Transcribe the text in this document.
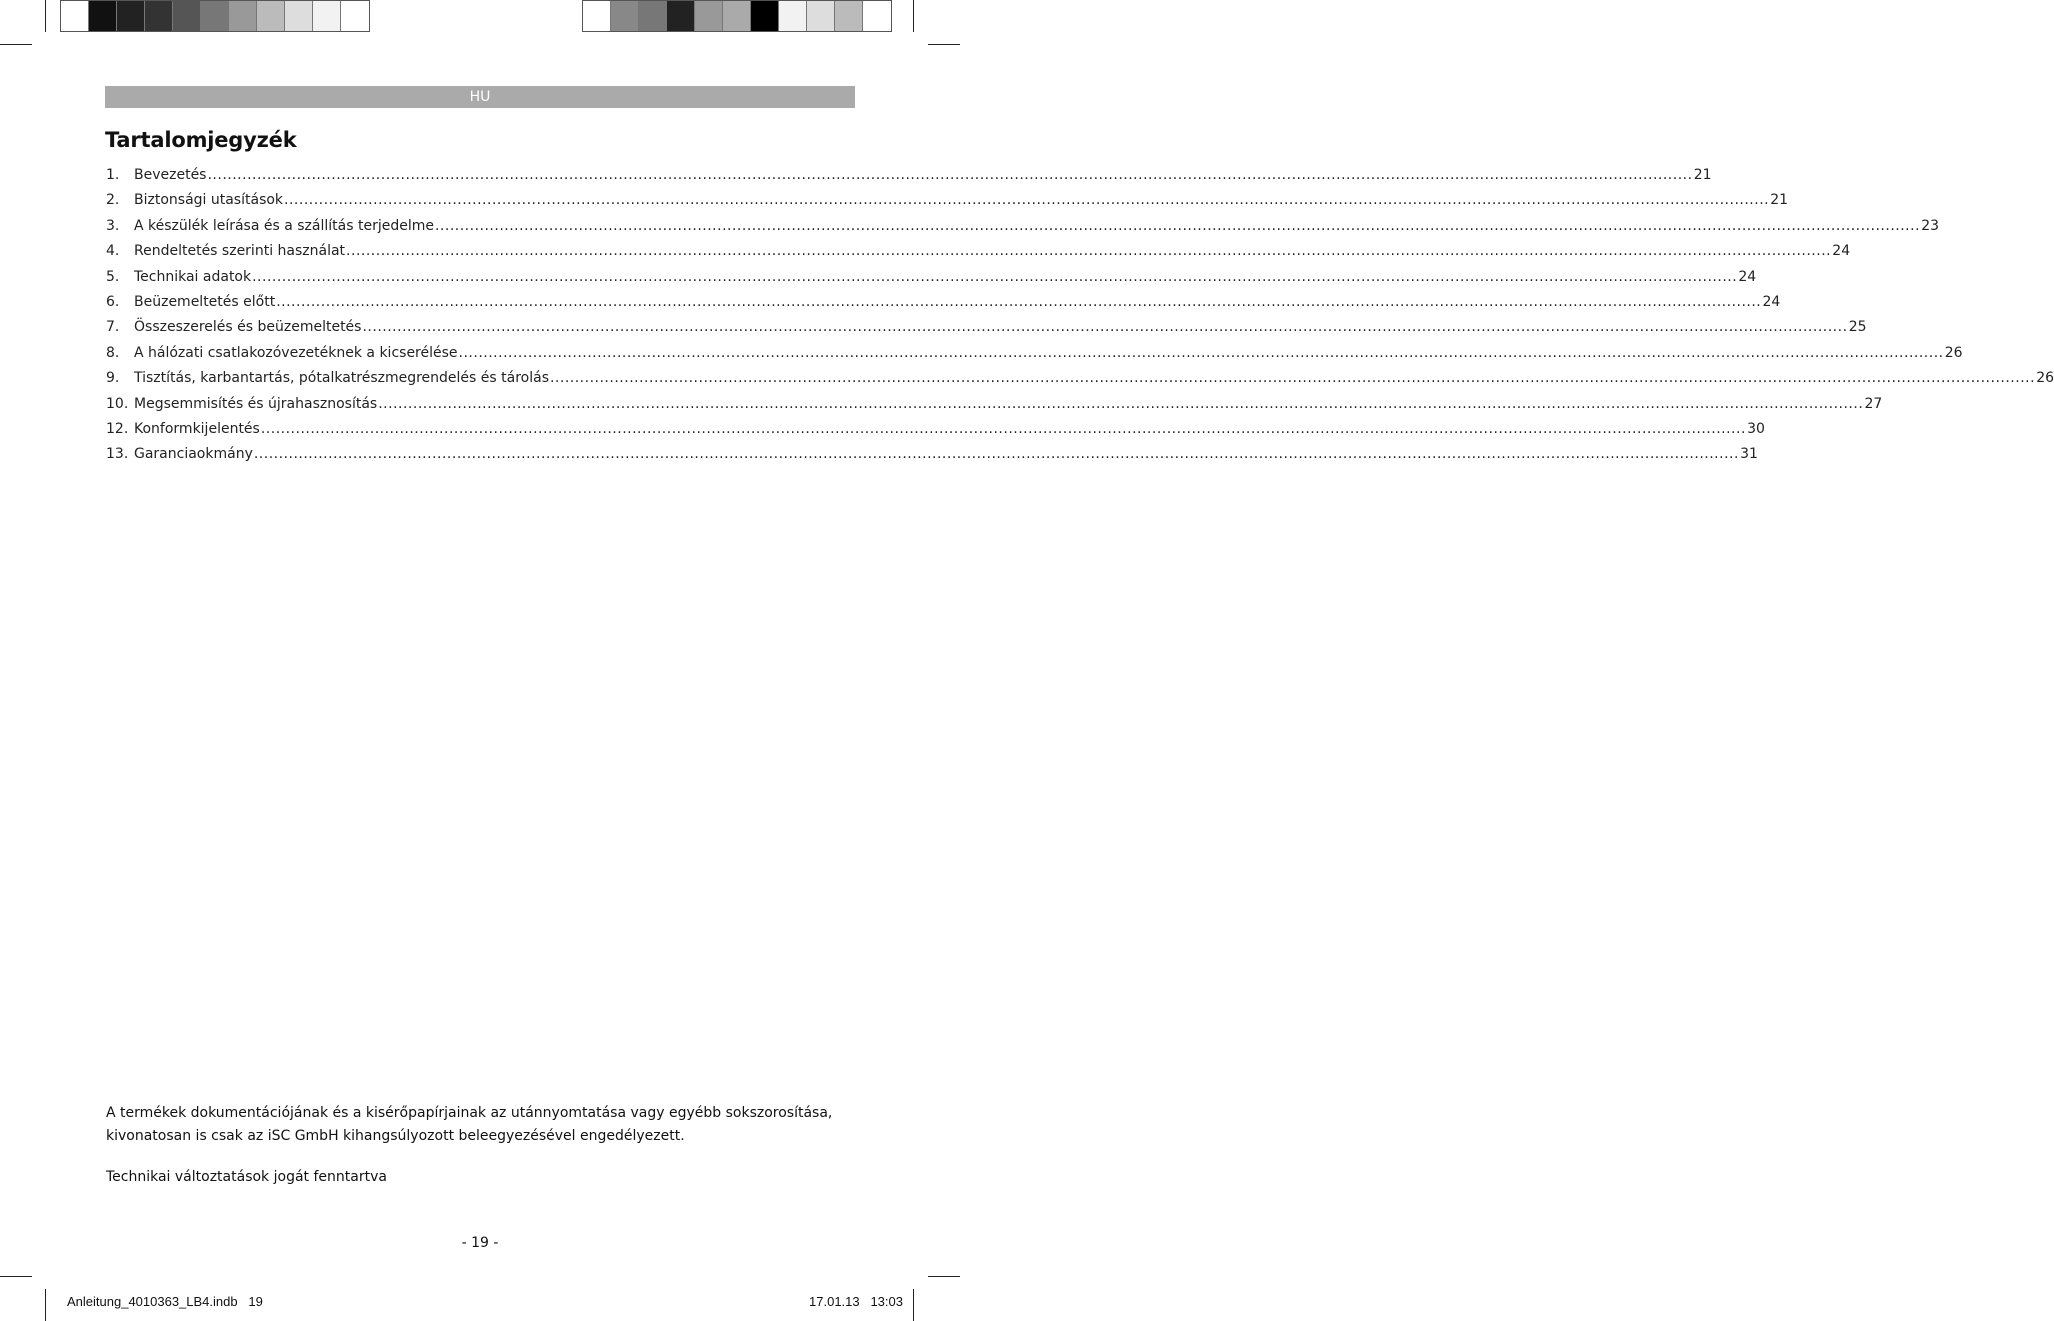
HU
Tartalomjegyzék
1.	Bevezetés ............................................................................................................................................................................................................................................................................................................ 21
2.	Biztonsági utasítások ............................................................................................................................................................................................................................................................................................................ 21
3.	A készülék leírása és a szállítás terjedelme ............................................................................................................................................................................................................................................................................................................ 23
4.	Rendeltetés szerinti használat ............................................................................................................................................................................................................................................................................................................ 24
5.	Technikai adatok ............................................................................................................................................................................................................................................................................................................ 24
6.	Beüzemeltetés előtt ............................................................................................................................................................................................................................................................................................................ 24
7.	Összeszerelés és beüzemeltetés ............................................................................................................................................................................................................................................................................................................ 25
8.	A hálózati csatlakozóvezetéknek a kicserélése ............................................................................................................................................................................................................................................................................................................ 26
9.	Tisztítás, karbantartás, pótalkatrészmegrendelés és tárolás ............................................................................................................................................................................................................................................................................................................ 26
10. Megsemmisítés és újrahasznosítás ............................................................................................................................................................................................................................................................................................................ 27
12. Konformkijelentés ............................................................................................................................................................................................................................................................................................................ 30
13. Garanciaokmány ............................................................................................................................................................................................................................................................................................................ 31
A termékek dokumentációjának és a kisérőpapírjainak az utánnyomtatása vagy egyébb sokszorosítása,
kivonatosan is csak az iSC GmbH kihangsúlyozott beleegyezésével engedélyezett.
Technikai változtatások jogát fenntartva
- 19 -
Anleitung_4010363_LB4.indb   19	17.01.13   13:03
